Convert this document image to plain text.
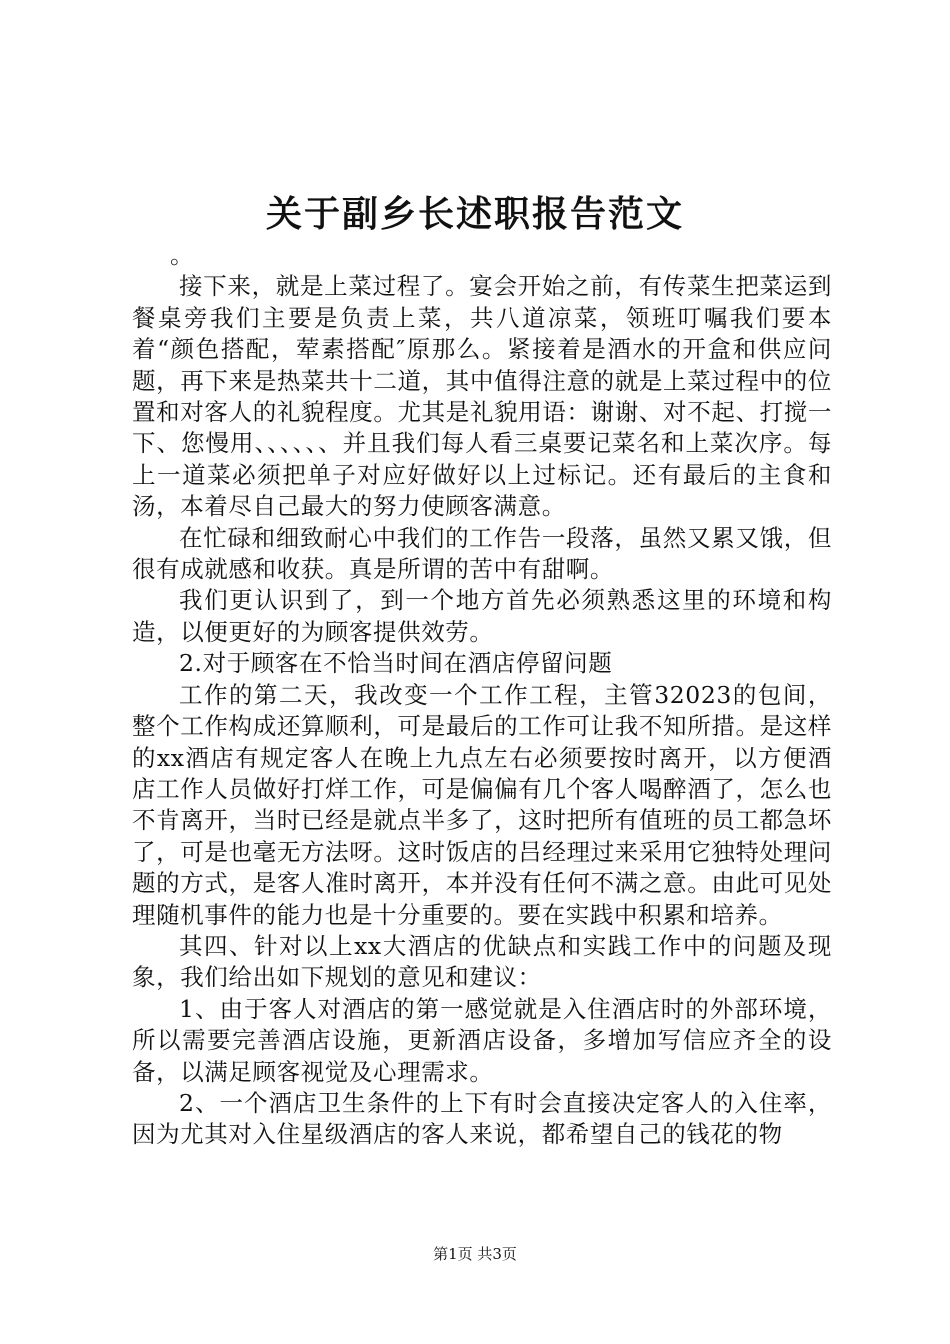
关于副乡长述职报告范文

。

接下来，就是上菜过程了。宴会开始之前，有传菜生把菜运到餐桌旁我们主要是负责上菜，共八道凉菜，领班叮嘱我们要本着“颜色搭配，荤素搭配″原那么。紧接着是酒水的开盒和供应问题，再下来是热菜共十二道，其中值得注意的就是上菜过程中的位置和对客人的礼貌程度。尤其是礼貌用语：谢谢、对不起、打搅一下、您慢用、、、、、、并且我们每人看三桌要记菜名和上菜次序。每上一道菜必须把单子对应好做好以上过标记。还有最后的主食和汤，本着尽自己最大的努力使顾客满意。

在忙碌和细致耐心中我们的工作告一段落，虽然又累又饿，但很有成就感和收获。真是所谓的苦中有甜啊。

我们更认识到了，到一个地方首先必须熟悉这里的环境和构造，以便更好的为顾客提供效劳。

2.对于顾客在不恰当时间在酒店停留问题

工作的第二天，我改变一个工作工程，主管32023的包间，整个工作构成还算顺利，可是最后的工作可让我不知所措。是这样的xx酒店有规定客人在晚上九点左右必须要按时离开，以方便酒店工作人员做好打烊工作，可是偏偏有几个客人喝醉酒了，怎么也不肯离开，当时已经是就点半多了，这时把所有值班的员工都急坏了，可是也毫无方法呀。这时饭店的吕经理过来采用它独特处理问题的方式，是客人准时离开，本并没有任何不满之意。由此可见处理随机事件的能力也是十分重要的。要在实践中积累和培养。

其四、针对以上xx大酒店的优缺点和实践工作中的问题及现象，我们给出如下规划的意见和建议：

1、由于客人对酒店的第一感觉就是入住酒店时的外部环境，所以需要完善酒店设施，更新酒店设备，多增加写信应齐全的设备，以满足顾客视觉及心理需求。

2、一个酒店卫生条件的上下有时会直接决定客人的入住率，因为尤其对入住星级酒店的客人来说，都希望自己的钱花的物

第1页 共3页
